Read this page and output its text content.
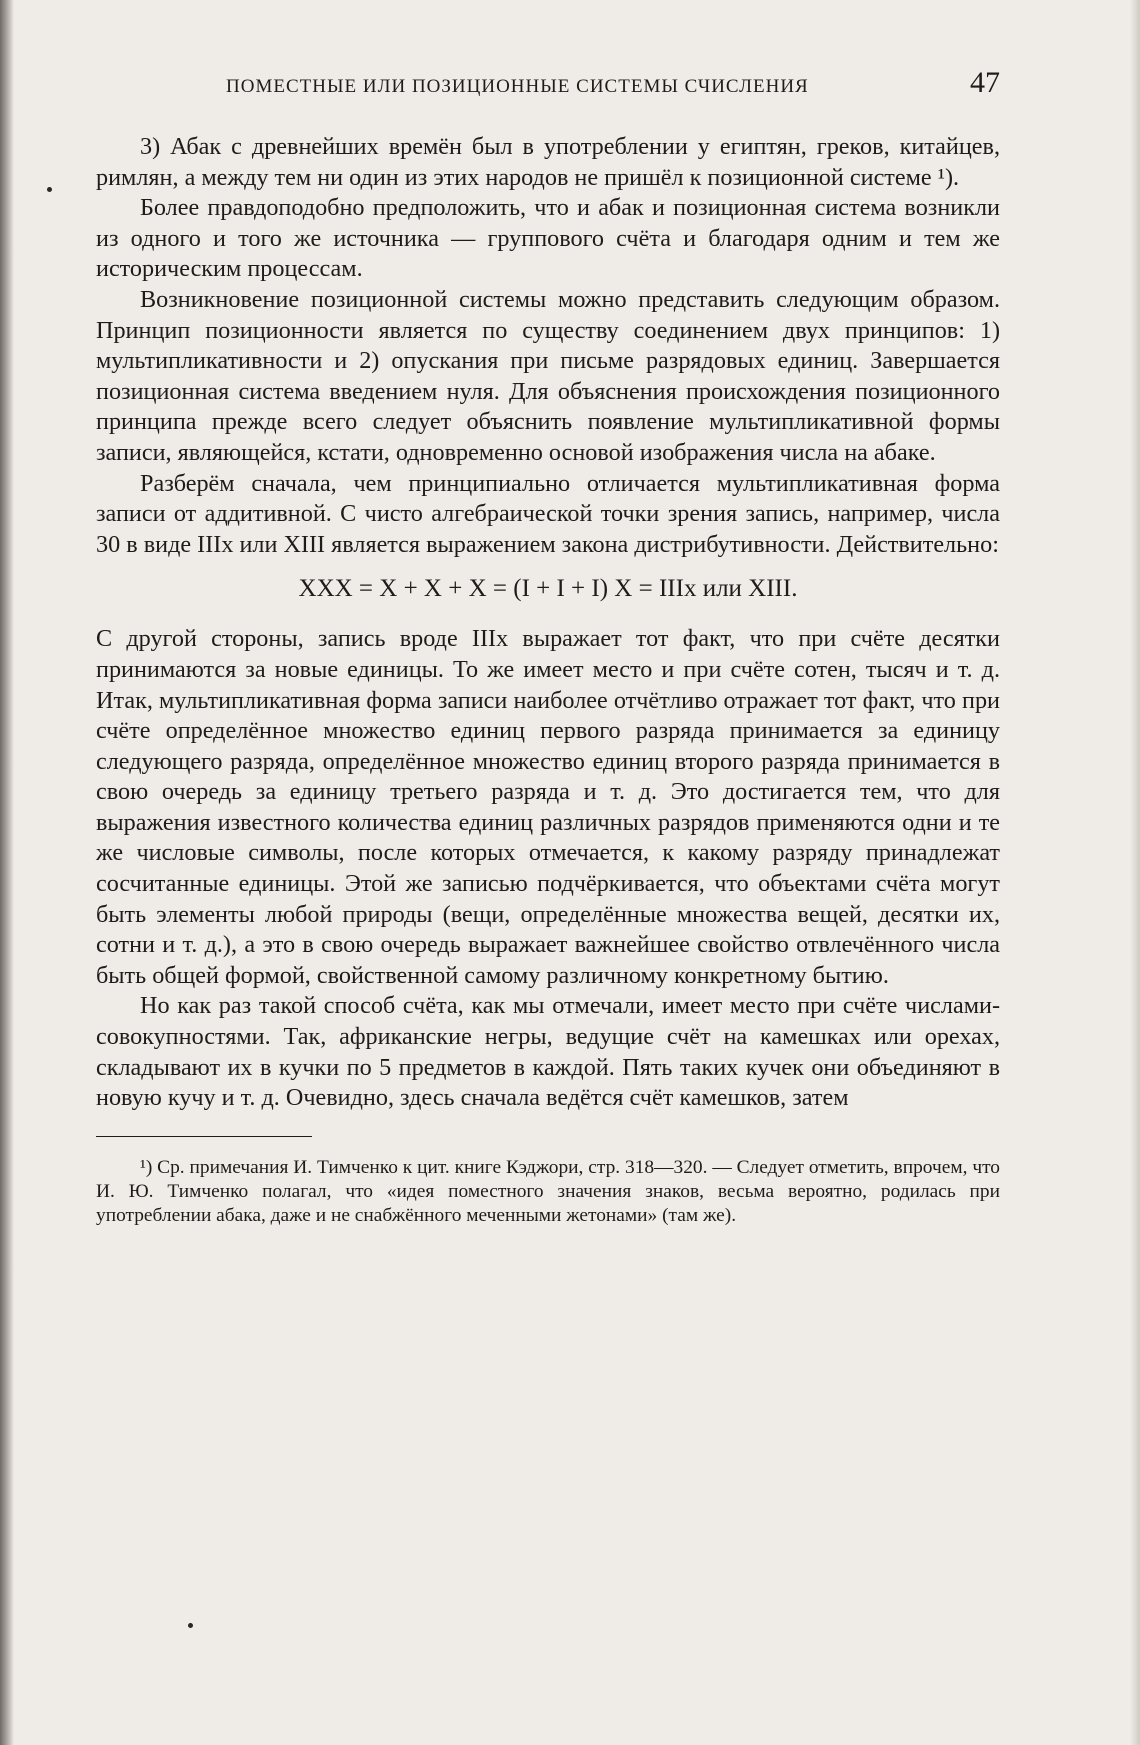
ПОМЕСТНЫЕ ИЛИ ПОЗИЦИОННЫЕ СИСТЕМЫ СЧИСЛЕНИЯ	47

3) Абак с древнейших времён был в употреблении у египтян, греков, китайцев, римлян, а между тем ни один из этих народов не пришёл к позиционной системе ¹).

Более правдоподобно предположить, что и абак и позиционная система возникли из одного и того же источника — группового счёта и благодаря одним и тем же историческим процессам.

Возникновение позиционной системы можно представить следующим образом. Принцип позиционности является по существу соединением двух принципов: 1) мультипликативности и 2) опускания при письме разрядовых единиц. Завершается позиционная система введением нуля. Для объяснения происхождения позиционного принципа прежде всего следует объяснить появление мультипликативной формы записи, являющейся, кстати, одновременно основой изображения числа на абаке.

Разберём сначала, чем принципиально отличается мультипликативная форма записи от аддитивной. С чисто алгебраической точки зрения запись, например, числа 30 в виде IIIх или XIII является выражением закона дистрибутивности. Действительно:

XXX = X + X + X = (I + I + I) X = IIIх или XIII.

С другой стороны, запись вроде IIIх выражает тот факт, что при счёте десятки принимаются за новые единицы. То же имеет место и при счёте сотен, тысяч и т. д. Итак, мультипликативная форма записи наиболее отчётливо отражает тот факт, что при счёте определённое множество единиц первого разряда принимается за единицу следующего разряда, определённое множество единиц второго разряда принимается в свою очередь за единицу третьего разряда и т. д. Это достигается тем, что для выражения известного количества единиц различных разрядов применяются одни и те же числовые символы, после которых отмечается, к какому разряду принадлежат сосчитанные единицы. Этой же записью подчёркивается, что объектами счёта могут быть элементы любой природы (вещи, определённые множества вещей, десятки их, сотни и т. д.), а это в свою очередь выражает важнейшее свойство отвлечённого числа быть общей формой, свойственной самому различному конкретному бытию.

Но как раз такой способ счёта, как мы отмечали, имеет место при счёте числами-совокупностями. Так, африканские негры, ведущие счёт на камешках или орехах, складывают их в кучки по 5 предметов в каждой. Пять таких кучек они объединяют в новую кучу и т. д. Очевидно, здесь сначала ведётся счёт камешков, затем

¹) Ср. примечания И. Тимченко к цит. книге Кэджори, стр. 318—320. — Следует отметить, впрочем, что И. Ю. Тимченко полагал, что «идея поместного значения знаков, весьма вероятно, родилась при употреблении абака, даже и не снабжённого меченными жетонами» (там же).
